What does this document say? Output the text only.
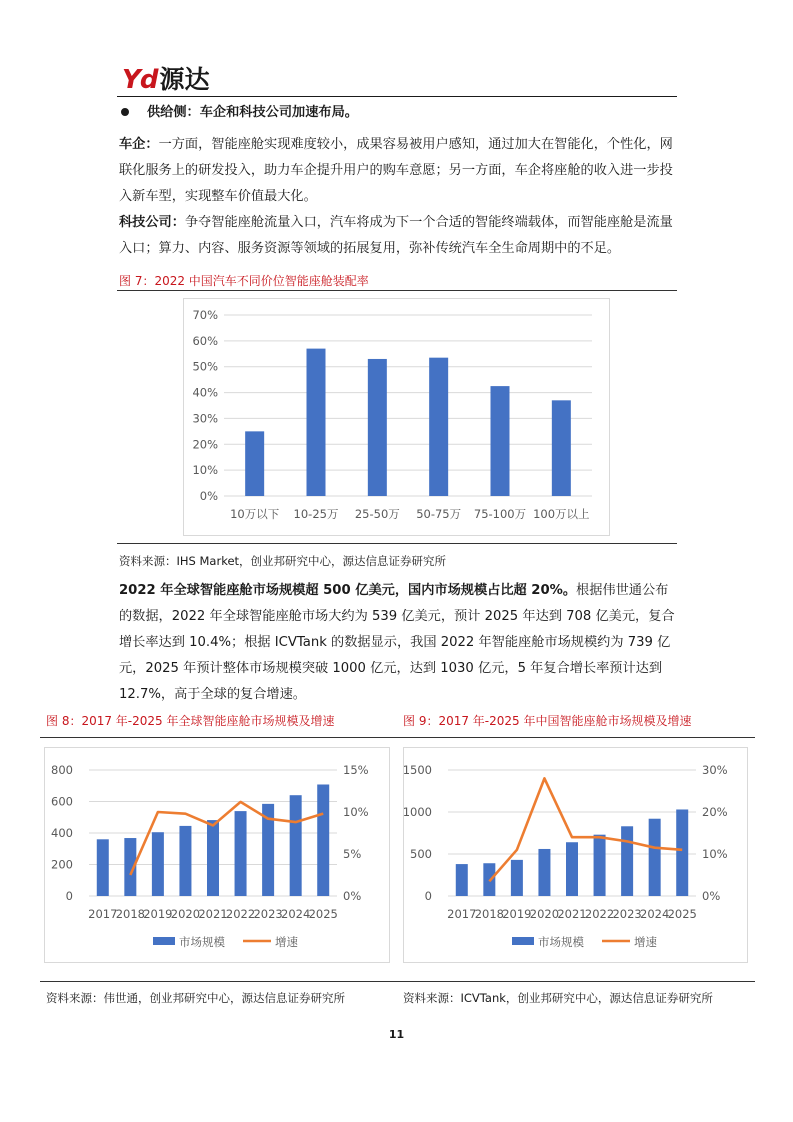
Yd 源达

供给侧：车企和科技公司加速布局。

车企：一方面，智能座舱实现难度较小，成果容易被用户感知，通过加大在智能化，个性化，网联化服务上的研发投入，助力车企提升用户的购车意愿；另一方面，车企将座舱的收入进一步投入新车型，实现整车价值最大化。

科技公司：争夺智能座舱流量入口，汽车将成为下一个合适的智能终端载体，而智能座舱是流量入口；算力、内容、服务资源等领域的拓展复用，弥补传统汽车全生命周期中的不足。

图 7：2022 中国汽车不同价位智能座舱装配率
0%
10%
20%
30%
40%
50%
60%
70%
10万以下 10-25万 25-50万 50-75万 75-100万 100万以上
资料来源：IHS Market，创业邦研究中心，源达信息证券研究所

2022 年全球智能座舱市场规模超 500 亿美元，国内市场规模占比超 20%。根据伟世通公布的数据，2022 年全球智能座舱市场大约为 539 亿美元，预计 2025 年达到 708 亿美元，复合增长率达到 10.4%；根据 ICVTank 的数据显示，我国 2022 年智能座舱市场规模约为 739 亿元，2025 年预计整体市场规模突破 1000 亿元，达到 1030 亿元，5 年复合增长率预计达到 12.7%，高于全球的复合增速。

图 8：2017 年-2025 年全球智能座舱市场规模及增速	图 9：2017 年-2025 年中国智能座舱市场规模及增速
0
200
400
600
800
0%
5%
10%
15%
2017
2018
2019
2020
2021
2022
2023
2024
2025
市场规模	增速
0
500
1000
1500
0%
10%
20%
30%
2017
2018
2019
2020
2021
2022
2023
2024
2025
市场规模	增速
资料来源：伟世通，创业邦研究中心，源达信息证券研究所	资料来源：ICVTank，创业邦研究中心，源达信息证券研究所
11
